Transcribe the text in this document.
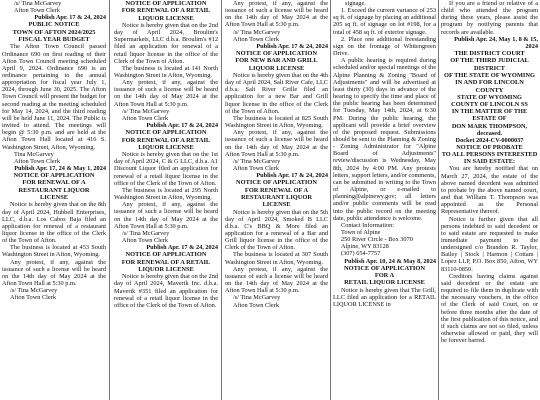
/s/ Tina McGarvey
Afton Town Clerk
Publish Apr. 17 & 24, 2024
PUBLIC NOTICE
TOWN OF AFTON 2024/2025
FISCAL YEAR BUDGET
The Afton Town Council passed Ordinance 690 on first reading of their Afton Town Council meeting scheduled April 9, 2024. Ordinance 690 is an ordinance pertaining to the annual appropriation for fiscal year July 1, 2024, through June 30, 2025. The Afton Town Council will present the budget for second reading at the meeting scheduled for May 14, 2024, and the third reading will be held June 11, 2024. The Public is invited to attend. The meetings will begin @ 5:30 p.m. and are held at the Afton Town Hall located at 416 S. Washington Street, Afton, Wyoming.
Tina McGarvey
Afton Town Clerk
Publish Apr. 17, 24 & May 1, 2024
NOTICE OF APPLICATION
FOR RENEWAL OF A
RESTAURANT LIQUOR
LICENSE
Notice is hereby given that on the 8th day of April 2024, Hubbell Enterprises, LLC, d.b.a. Los Cabos Baja filed an application for renewal of a restaurant liquor license in the office of the Clerk of the Town of Afton.
The business is located at 453 South Washington Street in Afton, Wyoming.
Any protest, if any, against the issuance of such a license will be heard on the 14th day of May 2024 at the Afton Town Hall at 5:30 p.m.
/s/ Tina McGarvey
Afton Town Clerk
NOTICE OF APPLICATION
FOR RENEWAL OF A RETAIL
LIQUOR LICENSE
Notice is hereby given that on the 2nd day of April 2024, Broulim's Supermarkets, LLC d.b.a. Broulim's #12 filed an application for renewal of a retail liquor license in the office of the Clerk of the Town of Afton.
The business is located at 141 North Washington Street in Afton, Wyoming.
Any protest, if any, against the issuance of such a license will be heard on the 14th day of May 2024 at the Afton Town Hall at 5:30 p.m.
/s/ Tina McGarvey
Afton Town Clerk
Publish Apr. 17 & 24, 2024
NOTICE OF APPLICATION
FOR RENEWAL OF A RETAIL
LIQUOR LICENSE
Notice is hereby given that on the 1st day of April 2024, C & G LLC, d.b.a. A1 Discount Liquor filed an application for renewal of a retail liquor license in the office of the Clerk of the Town of Afton.
The business is located at 295 North Washington Street in Afton, Wyoming.
Any protest, if any, against the issuance of such a license will be heard on the 14th day of May 2024 at the Afton Town Hall at 5:30 p.m.
/s/ Tina McGarvey
Afton Town Clerk
Publish Apr. 17 & 24, 2024
NOTICE OF APPLICATION
FOR RENEWAL OF A RETAIL
LIQUOR LICENSE
Notice is hereby given that on the 2nd day of April 2024, Maverik Inc. d.b.a. Maverik #351 filed an application for renewal of a retail liquor license in the office of the Clerk of the Town of Afton.
Any protest, if any, against the issuance of such a license will be heard on the 14th day of May 2024 at the Afton Town Hall at 5:30 p.m.
/s/ Tina McGarvey
Afton Town Clerk
Publish Apr. 17 & 24, 2024
NOTICE OF APPLICATION
FOR NEW BAR AND GRILL
LIQUOR LICENSE
Notice is hereby given that on the 4th day of April 2024, Salt River Cafe, LLC d.b.a. Salt River Grille filed an application for a new Bar and Grill liquor license in the office of the Clerk of the Town of Afton.
The business is located at 825 South Washington Street in Afton, Wyoming.
Any protest, if any, against the issuance of such a license will be heard on the 14th day of May 2024 at the Afton Town Hall at 5:30 p.m.
/s/ Tina McGarvey
Afton Town Clerk
Publish Apr. 17 & 24, 2024
NOTICE OF APPLICATION
FOR RENEWAL OF A
RESTAURANT LIQUOR
LICENSE
Notice is hereby given that on the 5th day of April 2024, Smoked B LLC d.b.a. C's BBQ & More filed an application for a renewal of a Bar and Grill liquor license in the office of the Clerk of the Town of Afton.
The business is located at 307 South Washington Street in Afton, Wyoming.
Any protest, if any, against the issuance of such a license will be heard on the 14th day of May 2024 at the Afton Town Hall at 5:30 p.m.
/s/ Tina McGarvey
Afton Town Clerk
signage.
1. Exceed the current variance of 253 sq ft. of signage by placing an additional 205 sq ft. of signage on lot #198, for a total of 458 sq ft. of exterior signage.
2. Place one additional freestanding sign on the frontage of Whitengreen Drive.
A public hearing is required during scheduled and/or special meetings of the Alpine Planning & Zoning "Board of Adjustments" and will be advertised at least thirty (30) days in advance of the hearing to specify the time and place of the public hearing has been determined for Tuesday, May 14th, 2024, at 6:30 PM. During the public hearing, the applicant will provide a brief overview of the proposed request. Submissions should be sent to the Planning & Zoning - Zoning Administrator for "Alpine Board of Adjustments" review/discussion is Wednesday, May 8th, 2024 by 4:00 PM. Any protests letters, support letters, and/or comments, can be submitted in writing to the Town of Alpine, or e-mailed to planning@alpinewy.gov; all letters and/or public comments will be read into the public record on the meeting date, public attendance is welcome.
Contact Information:
Town of Alpine
250 River Circle - Box 3070
Alpine, WY 83128
(307) 654-7757
Publish Apr. 10, 24 & May 8, 2024
NOTICE OF APPLICATION
FOR A
RETAIL LIQUOR LICENSE
Notice is hereby given that The Grill, LLC filed an application for a RETAIL LIQUOR LICENSE in
If you are a friend or relative of a child who attended the program during these years, please assist the program by notifying parents that records are available.
Publish Apr. 24, May 1, 8 & 15, 2024
THE DISTRICT COURT
OF THE THIRD JUDICIAL
DISTRICT
OF THE STATE OF WYOMING
IN AND FOR LINCOLN
COUNTY
STATE OF WYOMING
COUNTY OF LINCOLN SS
IN THE MATTER OF THE ESTATE OF
DON MARK THOMPSON, deceased.
Docket 2024-CV-0000037
NOTICE OF PROBATE
TO ALL PERSONS INTERESTED IN SAID ESTATE:
You are hereby notified that on March 27, 2024, the estate of the above named decedent was admitted to probate by the above named court, and that William T. Thompson was appointed as the Personal Representative thereof.
Notice is further given that all persons indebted to said decedent or to said estate are requested to make immediate payment to the undersigned c/o Brandon R. Taylor, Bailey | Stock | Harmon | Cottam | Lopez LLP, P.O. Box 850, Afton, WY 83110-0850.
Creditors having claims against said decedent or the estate are required to file them in duplicate with the necessary vouchers, in the office of the Clerk of said Court, on or before three months after the date of the first publication of this notice, and if such claims are not so filed, unless otherwise allowed or paid, they will be forever barred.
